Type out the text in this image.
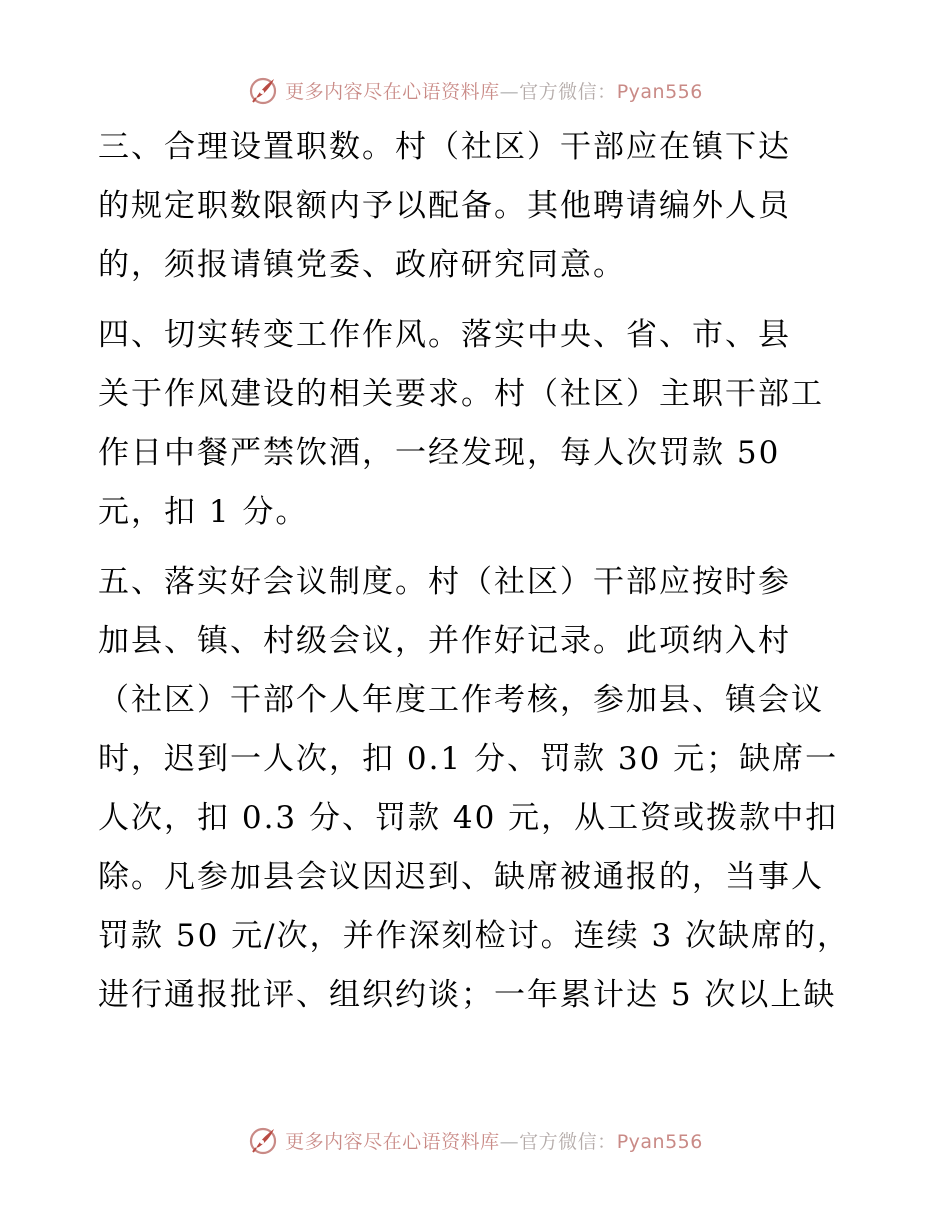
更多内容尽在心语资料库—官方微信：Pyan556
三、合理设置职数。村（社区）干部应在镇下达
的规定职数限额内予以配备。其他聘请编外人员
的，须报请镇党委、政府研究同意。
四、切实转变工作作风。落实中央、省、市、县
关于作风建设的相关要求。村（社区）主职干部工
作日中餐严禁饮酒，一经发现，每人次罚款 50
元，扣 1 分。
五、落实好会议制度。村（社区）干部应按时参
加县、镇、村级会议，并作好记录。此项纳入村
（社区）干部个人年度工作考核，参加县、镇会议
时，迟到一人次，扣 0.1 分、罚款 30 元；缺席一
人次，扣 0.3 分、罚款 40 元，从工资或拨款中扣
除。凡参加县会议因迟到、缺席被通报的，当事人
罚款 50 元/次，并作深刻检讨。连续 3 次缺席的，
进行通报批评、组织约谈；一年累计达 5 次以上缺
更多内容尽在心语资料库—官方微信：Pyan556
